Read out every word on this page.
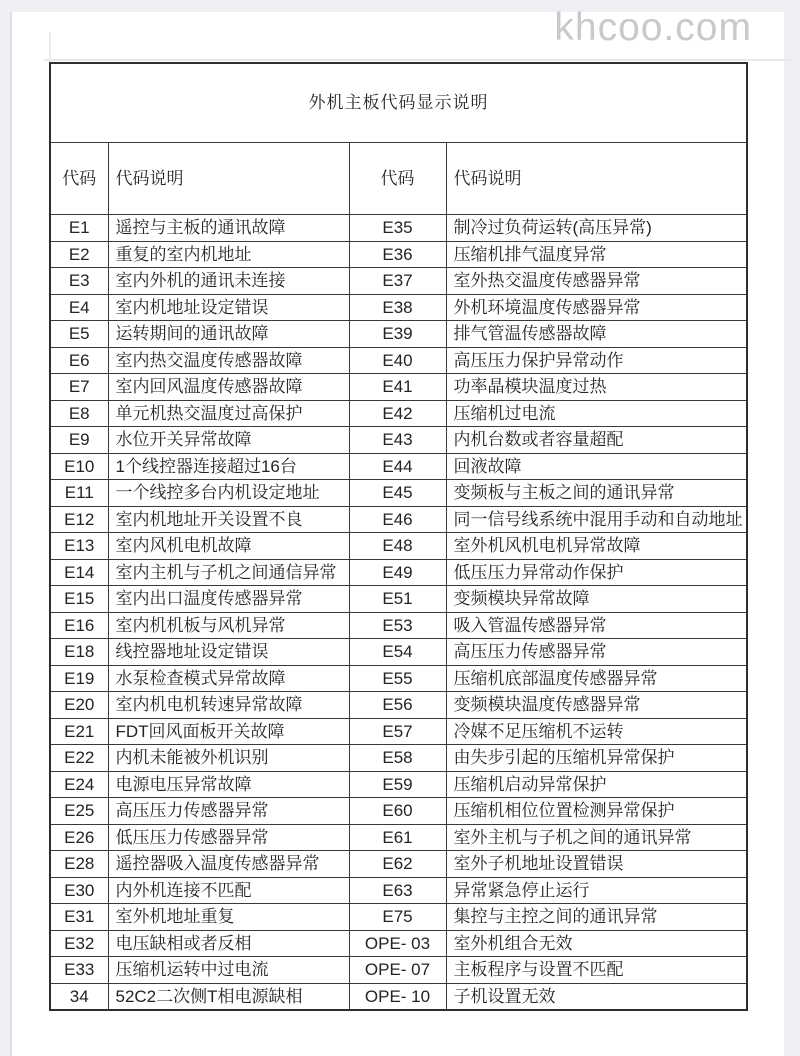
khcoo.com
外机主板代码显示说明			
代码	代码说明	代码	代码说明
E1	遥控与主板的通讯故障	E35	制冷过负荷运转(高压异常)
E2	重复的室内机地址	E36	压缩机排气温度异常
E3	室内外机的通讯未连接	E37	室外热交温度传感器异常
E4	室内机地址设定错误	E38	外机环境温度传感器异常
E5	运转期间的通讯故障	E39	排气管温传感器故障
E6	室内热交温度传感器故障	E40	高压压力保护异常动作
E7	室内回风温度传感器故障	E41	功率晶模块温度过热
E8	单元机热交温度过高保护	E42	压缩机过电流
E9	水位开关异常故障	E43	内机台数或者容量超配
E10	1个线控器连接超过16台	E44	回液故障
E11	一个线控多台内机设定地址	E45	变频板与主板之间的通讯异常
E12	室内机地址开关设置不良	E46	同一信号线系统中混用手动和自动地址
E13	室内风机电机故障	E48	室外机风机电机异常故障
E14	室内主机与子机之间通信异常	E49	低压压力异常动作保护
E15	室内出口温度传感器异常	E51	变频模块异常故障
E16	室内机机板与风机异常	E53	吸入管温传感器异常
E18	线控器地址设定错误	E54	高压压力传感器异常
E19	水泵检查模式异常故障	E55	压缩机底部温度传感器异常
E20	室内机电机转速异常故障	E56	变频模块温度传感器异常
E21	FDT回风面板开关故障	E57	冷媒不足压缩机不运转
E22	内机未能被外机识别	E58	由失步引起的压缩机异常保护
E24	电源电压异常故障	E59	压缩机启动异常保护
E25	高压压力传感器异常	E60	压缩机相位位置检测异常保护
E26	低压压力传感器异常	E61	室外主机与子机之间的通讯异常
E28	遥控器吸入温度传感器异常	E62	室外子机地址设置错误
E30	内外机连接不匹配	E63	异常紧急停止运行
E31	室外机地址重复	E75	集控与主控之间的通讯异常
E32	电压缺相或者反相	OPE- 03	室外机组合无效
E33	压缩机运转中过电流	OPE- 07	主板程序与设置不匹配
34	52C2二次侧T相电源缺相	OPE- 10	子机设置无效
